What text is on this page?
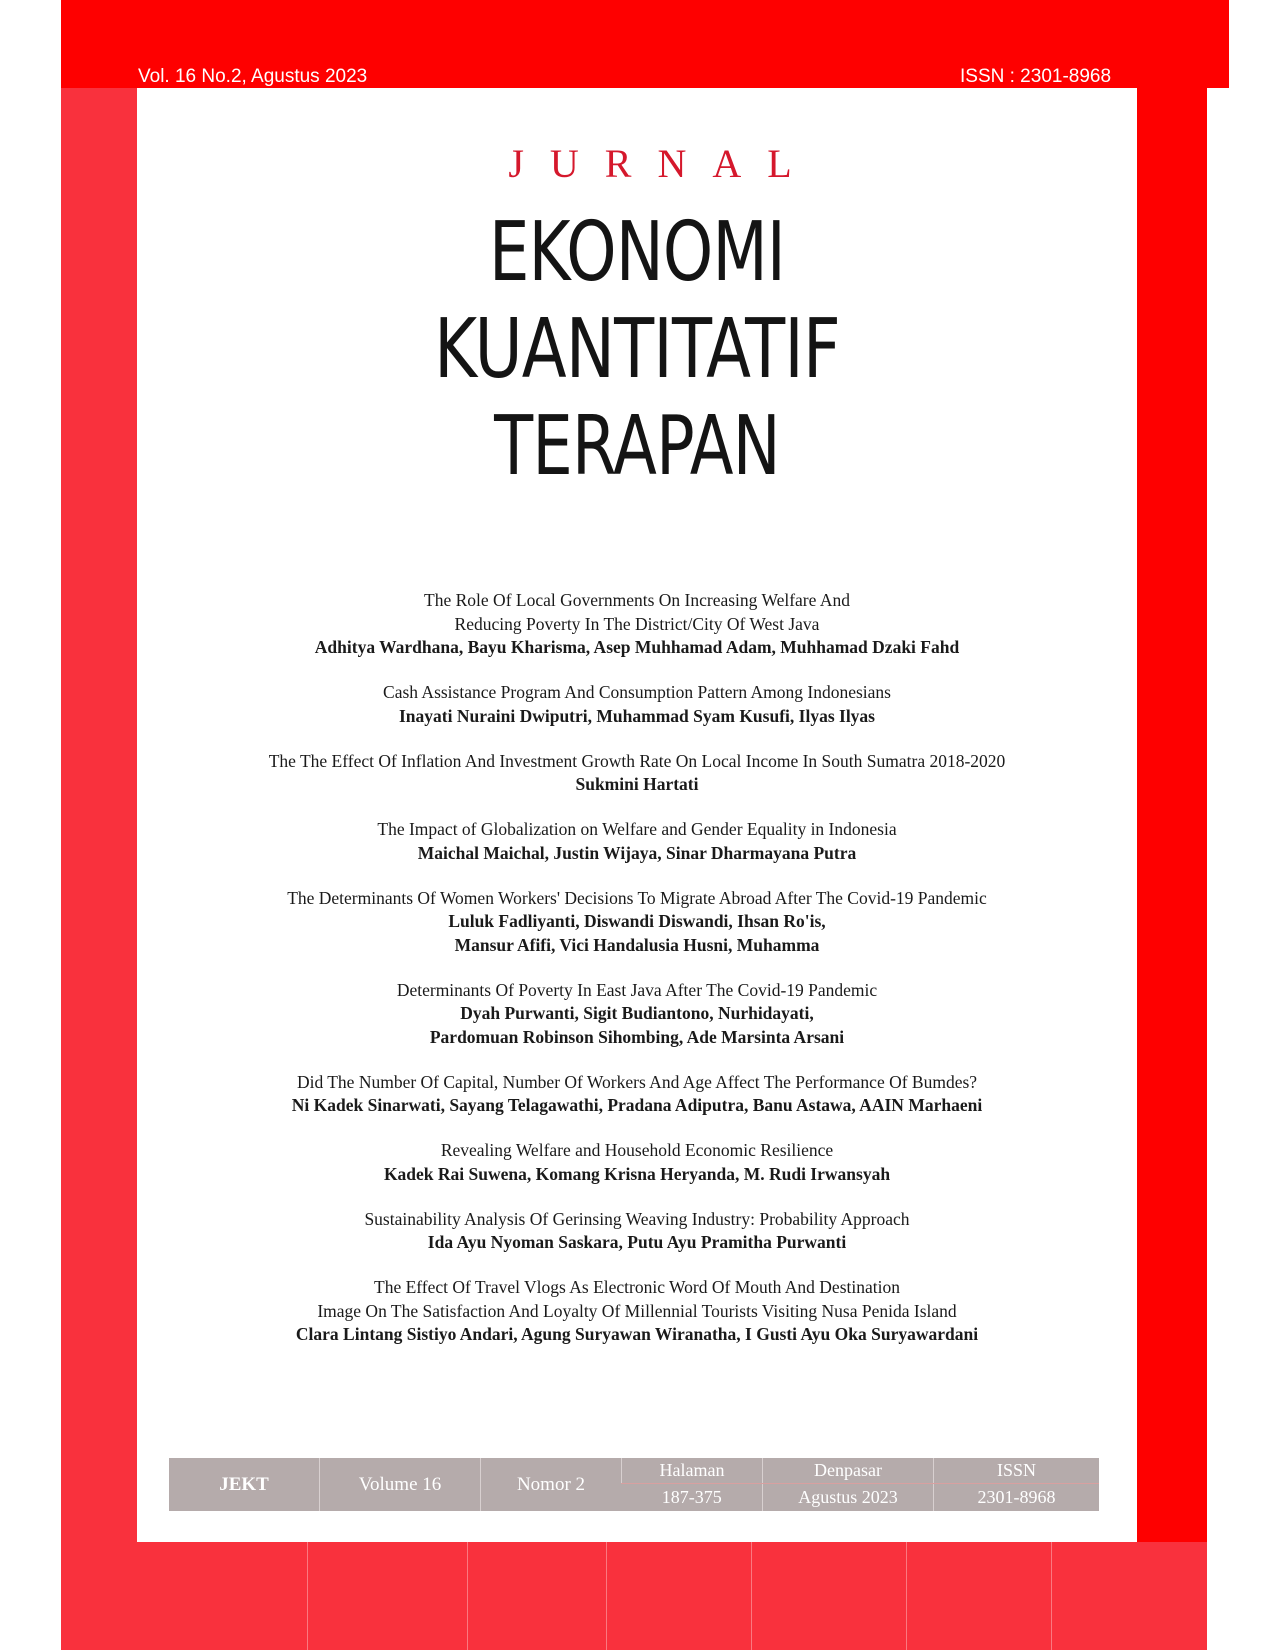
Vol. 16 No.2, Agustus 2023	ISSN : 2301-8968
JURNAL
EKONOMI
KUANTITATIF
TERAPAN
The Role Of Local Governments On Increasing Welfare And
Reducing Poverty In The District/City Of West Java
Adhitya Wardhana, Bayu Kharisma, Asep Muhhamad Adam, Muhhamad Dzaki Fahd
Cash Assistance Program And Consumption Pattern Among Indonesians
Inayati Nuraini Dwiputri, Muhammad Syam Kusufi, Ilyas Ilyas
The The Effect Of Inflation And Investment Growth Rate On Local Income In South Sumatra 2018-2020
Sukmini Hartati
The Impact of Globalization on Welfare and Gender Equality in Indonesia
Maichal Maichal, Justin Wijaya, Sinar Dharmayana Putra
The Determinants Of Women Workers' Decisions To Migrate Abroad After The Covid-19 Pandemic
Luluk Fadliyanti, Diswandi Diswandi, Ihsan Ro'is,
Mansur Afifi, Vici Handalusia Husni, Muhamma
Determinants Of Poverty In East Java After The Covid-19 Pandemic
Dyah Purwanti, Sigit Budiantono, Nurhidayati,
Pardomuan Robinson Sihombing, Ade Marsinta Arsani
Did The Number Of Capital, Number Of Workers And Age Affect The Performance Of Bumdes?
Ni Kadek Sinarwati, Sayang Telagawathi, Pradana Adiputra, Banu Astawa, AAIN Marhaeni
Revealing Welfare and Household Economic Resilience
Kadek Rai Suwena, Komang Krisna Heryanda, M. Rudi Irwansyah
Sustainability Analysis Of Gerinsing Weaving Industry: Probability Approach
Ida Ayu Nyoman Saskara, Putu Ayu Pramitha Purwanti
The Effect Of Travel Vlogs As Electronic Word Of Mouth And Destination
Image On The Satisfaction And Loyalty Of Millennial Tourists Visiting Nusa Penida Island
Clara Lintang Sistiyo Andari, Agung Suryawan Wiranatha, I Gusti Ayu Oka Suryawardani
JEKT	Volume 16	Nomor 2	Halaman	Denpasar	ISSN
			187-375	Agustus 2023	2301-8968
